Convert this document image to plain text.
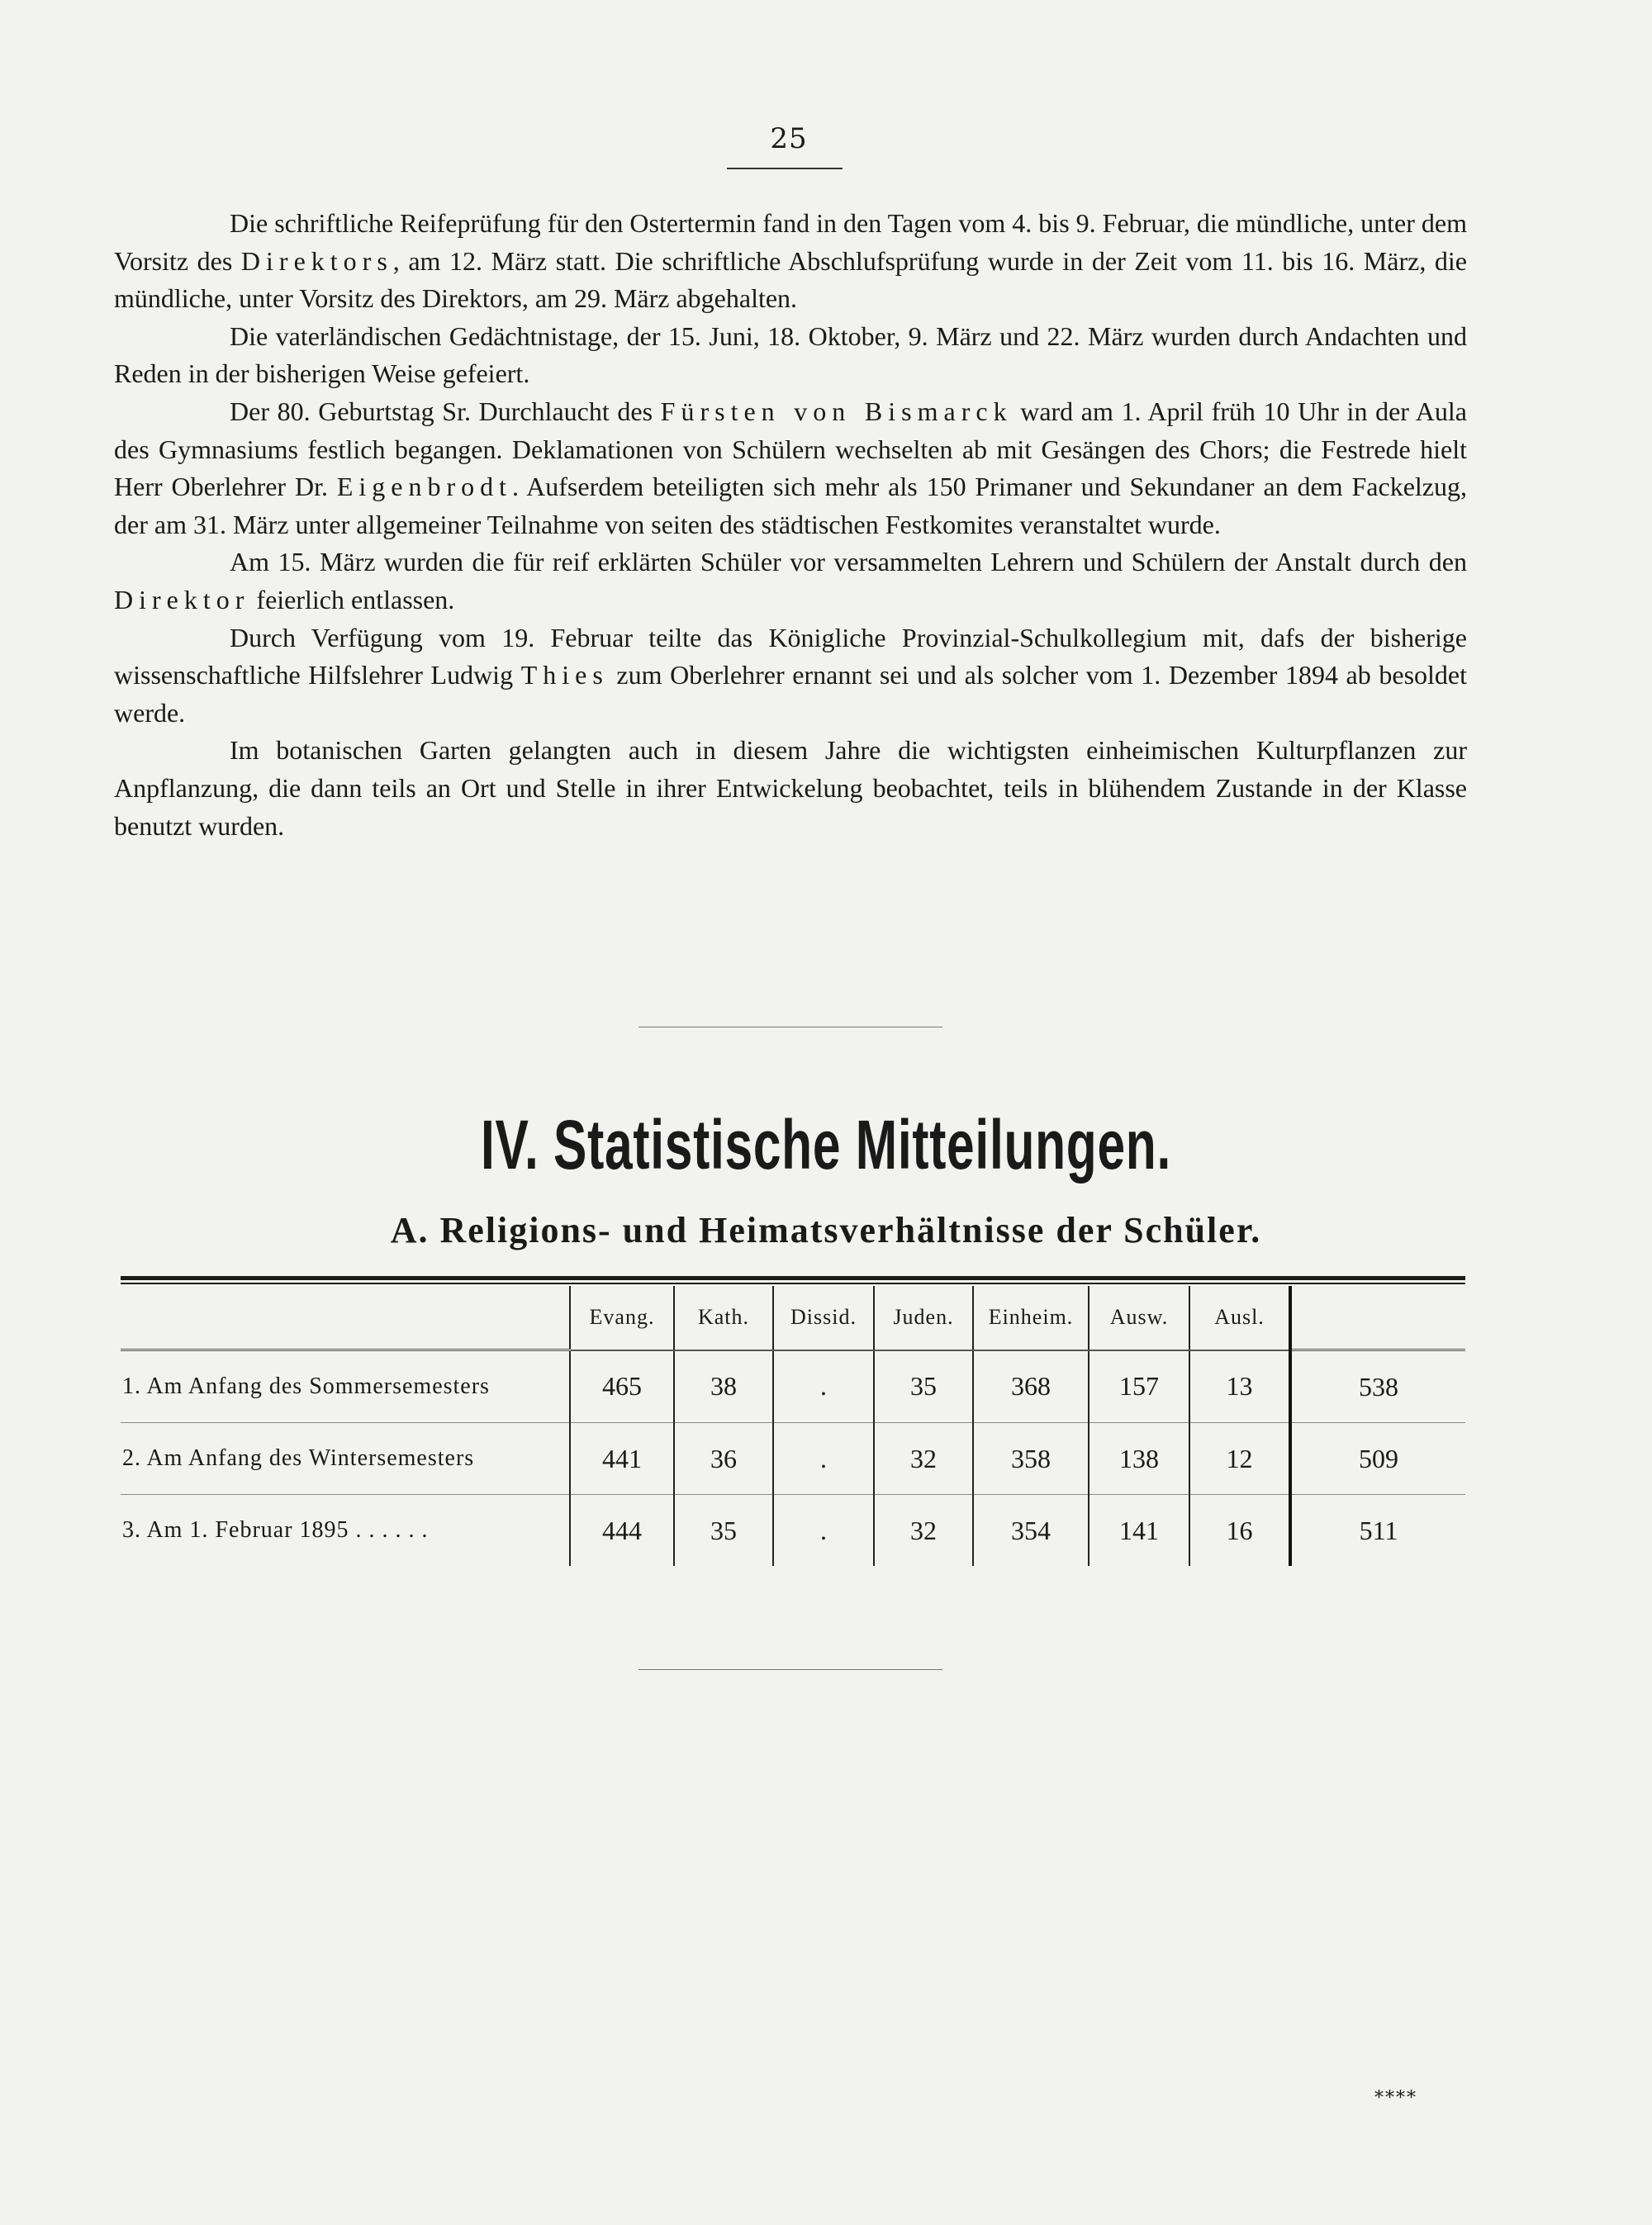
25

Die schriftliche Reifeprüfung für den Ostertermin fand in den Tagen vom 4. bis 9. Februar, die mündliche, unter dem Vorsitz des Direktors, am 12. März statt. Die schriftliche Abschlufsprüfung wurde in der Zeit vom 11. bis 16. März, die mündliche, unter Vorsitz des Direktors, am 29. März abgehalten.

Die vaterländischen Gedächtnistage, der 15. Juni, 18. Oktober, 9. März und 22. März wurden durch Andachten und Reden in der bisherigen Weise gefeiert.

Der 80. Geburtstag Sr. Durchlaucht des Fürsten von Bismarck ward am 1. April früh 10 Uhr in der Aula des Gymnasiums festlich begangen. Deklamationen von Schülern wechselten ab mit Gesängen des Chors; die Festrede hielt Herr Oberlehrer Dr. Eigenbrodt. Aufserdem beteiligten sich mehr als 150 Primaner und Sekundaner an dem Fackelzug, der am 31. März unter allgemeiner Teilnahme von seiten des städtischen Festkomites veranstaltet wurde.

Am 15. März wurden die für reif erklärten Schüler vor versammelten Lehrern und Schülern der Anstalt durch den Direktor feierlich entlassen.

Durch Verfügung vom 19. Februar teilte das Königliche Provinzial-Schulkollegium mit, dafs der bisherige wissenschaftliche Hilfslehrer Ludwig Thies zum Oberlehrer ernannt sei und als solcher vom 1. Dezember 1894 ab besoldet werde.

Im botanischen Garten gelangten auch in diesem Jahre die wichtigsten einheimischen Kulturpflanzen zur Anpflanzung, die dann teils an Ort und Stelle in ihrer Entwickelung beobachtet, teils in blühendem Zustande in der Klasse benutzt wurden.

IV. Statistische Mitteilungen.
A. Religions- und Heimatsverhältnisse der Schüler.
	Evang.	Kath.	Dissid.	Juden.	Einheim.	Ausw.	Ausl.	
1. Am Anfang des Sommersemesters	465	38	.	35	368	157	13	538
2. Am Anfang des Wintersemesters	441	36	.	32	358	138	12	509
3. Am 1. Februar 1895 . . . . . .	444	35	.	32	354	141	16	511
****
